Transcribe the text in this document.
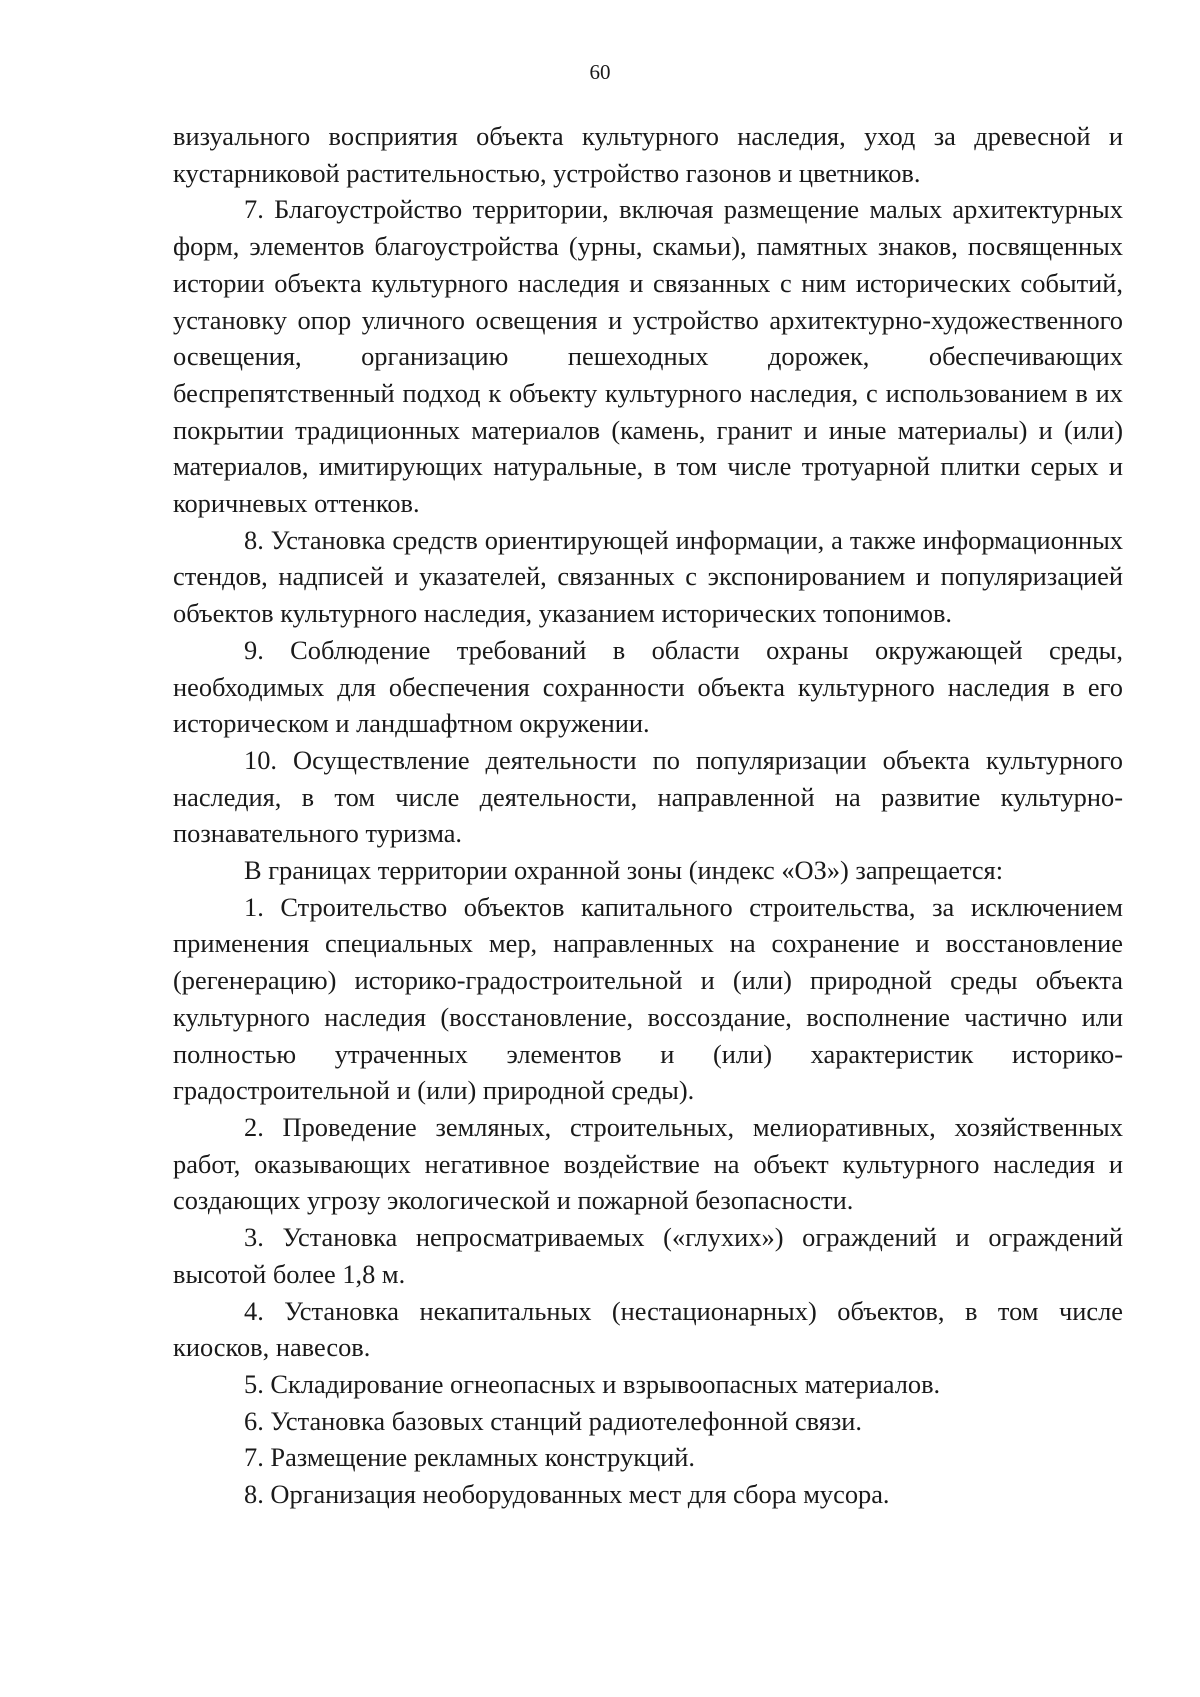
60

визуального восприятия объекта культурного наследия, уход за древесной и кустарниковой растительностью, устройство газонов и цветников.

7. Благоустройство территории, включая размещение малых архитектурных форм, элементов благоустройства (урны, скамьи), памятных знаков, посвященных истории объекта культурного наследия и связанных с ним исторических событий, установку опор уличного освещения и устройство архитектурно-художественного освещения, организацию пешеходных дорожек, обеспечивающих беспрепятственный подход к объекту культурного наследия, с использованием в их покрытии традиционных материалов (камень, гранит и иные материалы) и (или) материалов, имитирующих натуральные, в том числе тротуарной плитки серых и коричневых оттенков.

8. Установка средств ориентирующей информации, а также информационных стендов, надписей и указателей, связанных с экспонированием и популяризацией объектов культурного наследия, указанием исторических топонимов.

9. Соблюдение требований в области охраны окружающей среды, необходимых для обеспечения сохранности объекта культурного наследия в его историческом и ландшафтном окружении.

10. Осуществление деятельности по популяризации объекта культурного наследия, в том числе деятельности, направленной на развитие культурно-познавательного туризма.

В границах территории охранной зоны (индекс «ОЗ») запрещается:

1. Строительство объектов капитального строительства, за исключением применения специальных мер, направленных на сохранение и восстановление (регенерацию) историко-градостроительной и (или) природной среды объекта культурного наследия (восстановление, воссоздание, восполнение частично или полностью утраченных элементов и (или) характеристик историко-градостроительной и (или) природной среды).

2. Проведение земляных, строительных, мелиоративных, хозяйственных работ, оказывающих негативное воздействие на объект культурного наследия и создающих угрозу экологической и пожарной безопасности.

3. Установка непросматриваемых («глухих») ограждений и ограждений высотой более 1,8 м.

4. Установка некапитальных (нестационарных) объектов, в том числе киосков, навесов.

5. Складирование огнеопасных и взрывоопасных материалов.

6. Установка базовых станций радиотелефонной связи.

7. Размещение рекламных конструкций.

8. Организация необорудованных мест для сбора мусора.
